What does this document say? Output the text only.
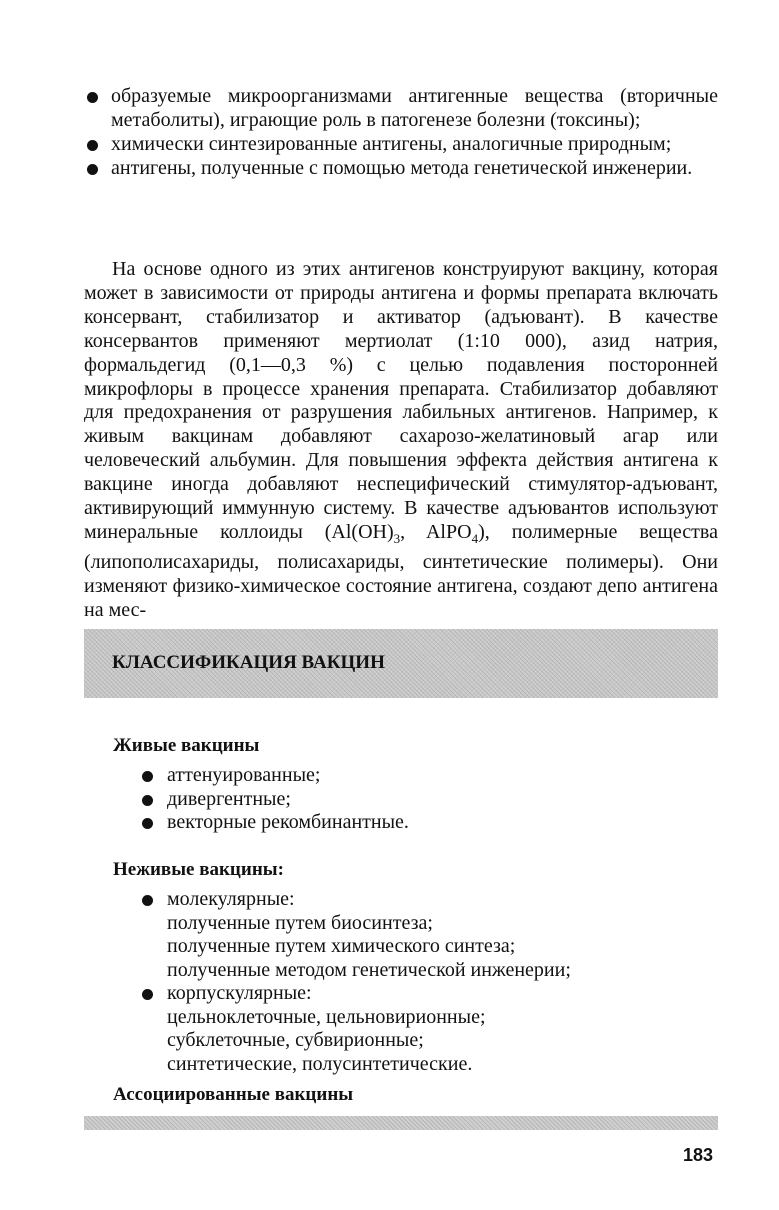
образуемые микроорганизмами антигенные вещества (вторичные метаболиты), играющие роль в патогенезе болезни (токсины);
химически синтезированные антигены, аналогичные природным;
антигены, полученные с помощью метода генетической инженерии.

На основе одного из этих антигенов конструируют вакцину, которая может в зависимости от природы антигена и формы препарата включать консервант, стабилизатор и активатор (адъювант). В качестве консервантов применяют мертиолат (1:10 000), азид натрия, формальдегид (0,1—0,3 %) с целью подавления посторонней микрофлоры в процессе хранения препарата. Стабилизатор добавляют для предохранения от разрушения лабильных антигенов. Например, к живым вакцинам добавляют сахарозо-желатиновый агар или человеческий альбумин. Для повышения эффекта действия антигена к вакцине иногда добавляют неспецифический стимулятор-адъювант, активирующий иммунную систему. В качестве адъювантов используют минеральные коллоиды ($Al(OH)_3$, AlPO$_4$), полимерные вещества (липополисахариды, полисахариды, синтетические полимеры). Они изменяют физико-химическое состояние антигена, создают депо антигена на мес-

КЛАССИФИКАЦИЯ ВАКЦИН
Живые вакцины
аттенуированные;
дивергентные;
векторные рекомбинантные.
Неживые вакцины:
молекулярные:
полученные путем биосинтеза;
полученные путем химического синтеза;
полученные методом генетической инженерии;
корпускулярные:
цельноклеточные, цельновирионные;
субклеточные, субвирионные;
синтетические, полусинтетические.
Ассоциированные вакцины
183
